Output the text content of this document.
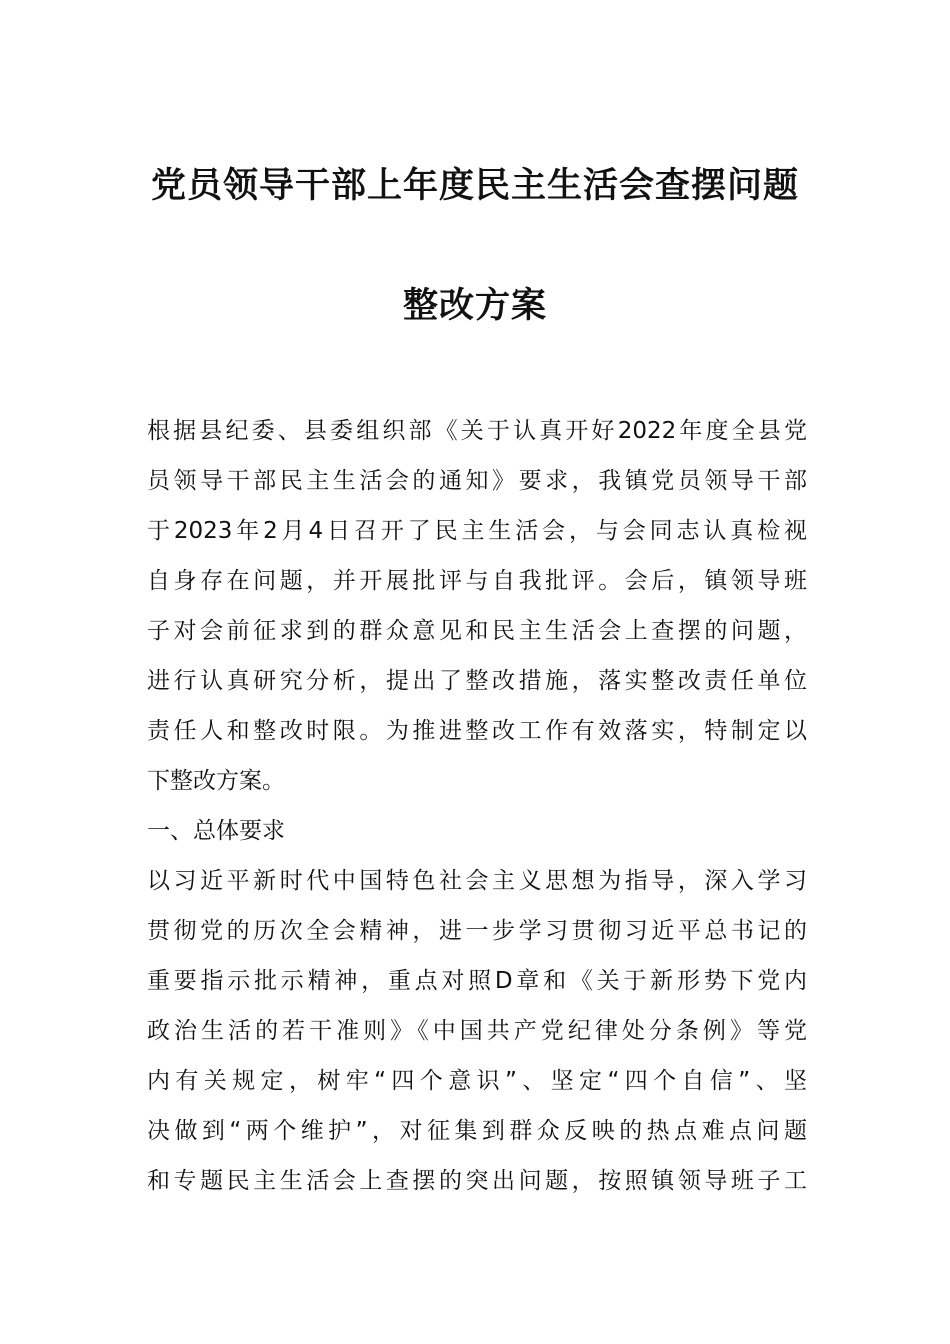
党员领导干部上年度民主生活会查摆问题
整改方案
根据县纪委、县委组织部《关于认真开好2022年度全县党
员领导干部民主生活会的通知》要求，我镇党员领导干部
于2023年2月4日召开了民主生活会，与会同志认真检视
自身存在问题，并开展批评与自我批评。会后，镇领导班
子对会前征求到的群众意见和民主生活会上查摆的问题，
进行认真研究分析，提出了整改措施，落实整改责任单位
责任人和整改时限。为推进整改工作有效落实，特制定以
下整改方案。
一、总体要求
以习近平新时代中国特色社会主义思想为指导，深入学习
贯彻党的历次全会精神，进一步学习贯彻习近平总书记的
重要指示批示精神，重点对照D章和《关于新形势下党内
政治生活的若干准则》《中国共产党纪律处分条例》等党
内有关规定，树牢“四个意识”、坚定“四个自信”、坚
决做到“两个维护”，对征集到群众反映的热点难点问题
和专题民主生活会上查摆的突出问题，按照镇领导班子工
